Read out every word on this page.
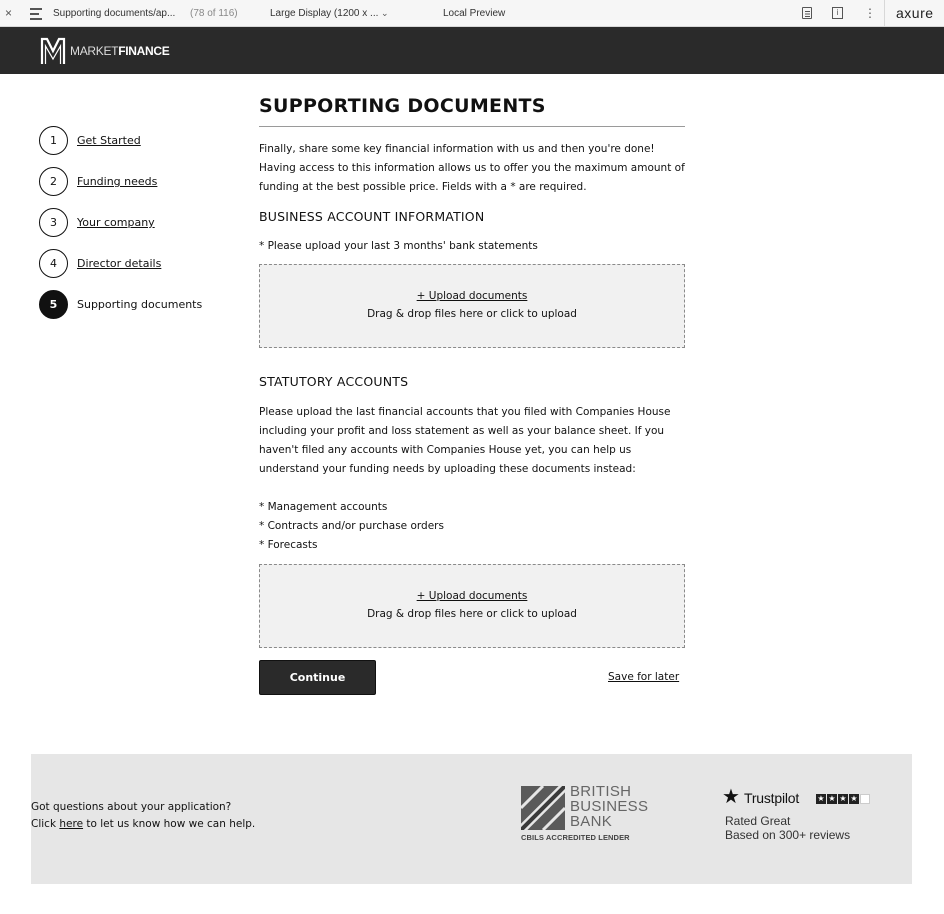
×	Supporting documents/ap... (78 of 116)	Large Display (1200 x ... ⌄	Local Preview	i	⋮ axure
MARKETFINANCE
1	Get Started
2	Funding needs
3	Your company
4	Director details
5	Supporting documents
SUPPORTING DOCUMENTS

Finally, share some key financial information with us and then you're done! Having access to this information allows us to offer you the maximum amount of funding at the best possible price. Fields with a * are required.

BUSINESS ACCOUNT INFORMATION

* Please upload your last 3 months' bank statements

+ Upload documents
Drag & drop files here or click to upload
STATUTORY ACCOUNTS

Please upload the last financial accounts that you filed with Companies House including your profit and loss statement as well as your balance sheet. If you haven't filed any accounts with Companies House yet, you can help us understand your funding needs by uploading these documents instead:

* Management accounts
* Contracts and/or purchase orders
* Forecasts
+ Upload documents
Drag & drop files here or click to upload
Continue	Save for later
Got questions about your application?
Click here to let us know how we can help.
BRITISH
BUSINESS
BANK
CBILS ACCREDITED LENDER
★ Trustpilot ★ ★ ★ ★ ★
Rated Great
Based on 300+ reviews
